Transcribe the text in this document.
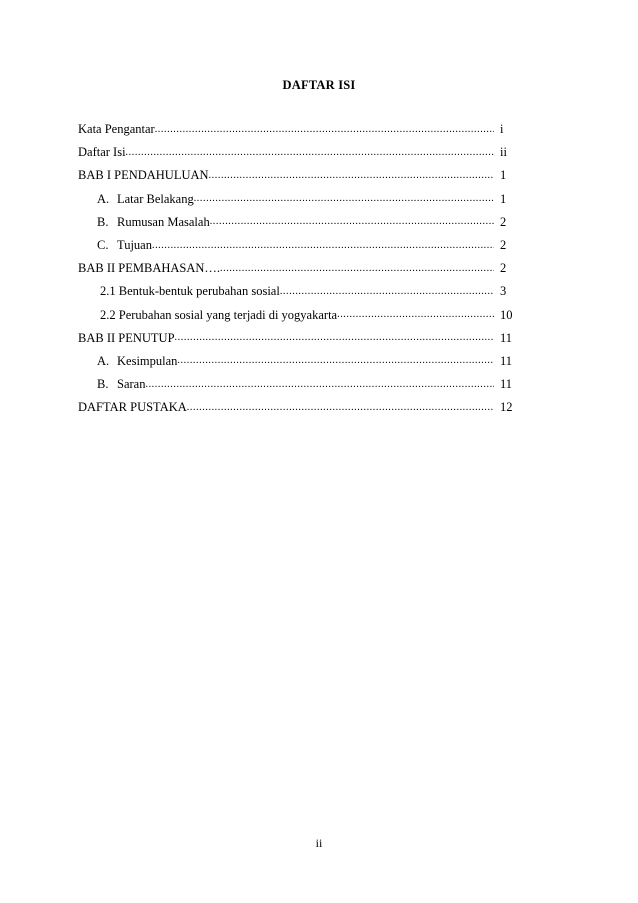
DAFTAR ISI
Kata Pengantar .....	i
Daftar Isi .....	ii
BAB I PENDAHULUAN .....	1
A. Latar Belakang .....	1
B. Rumusan Masalah .....	2
C. Tujuan .....	2
BAB II PEMBAHASAN…. .....	2
2.1 Bentuk-bentuk perubahan sosial .....	3
2.2 Perubahan sosial yang terjadi di yogyakarta .....	10
BAB II PENUTUP .....	11
A. Kesimpulan .....	11
B. Saran .....	11
DAFTAR PUSTAKA .....	12
ii
